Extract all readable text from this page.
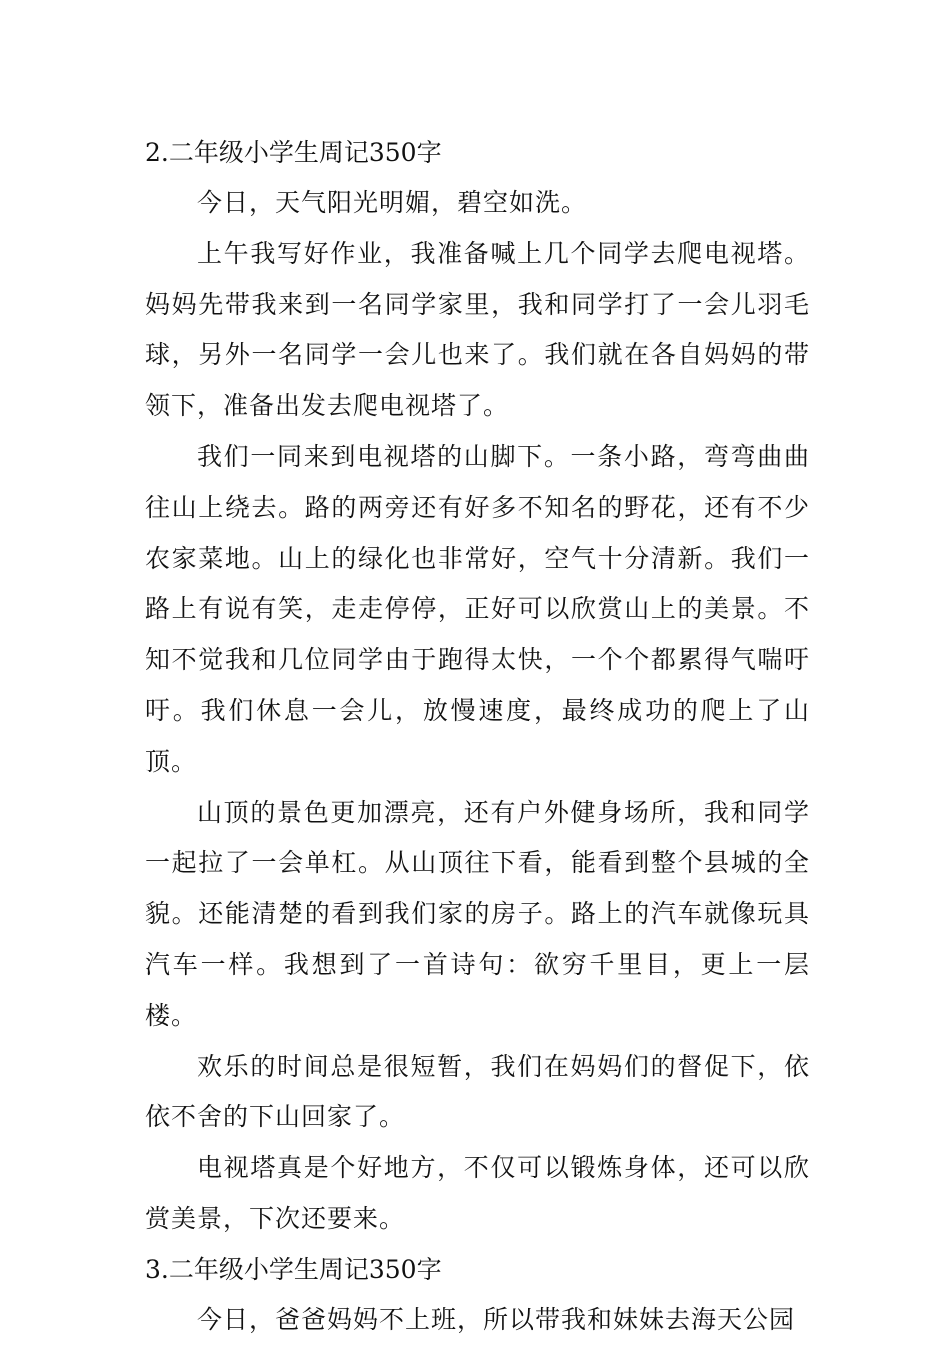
2.二年级小学生周记350字

今日，天气阳光明媚，碧空如洗。

上午我写好作业，我准备喊上几个同学去爬电视塔。妈妈先带我来到一名同学家里，我和同学打了一会儿羽毛球，另外一名同学一会儿也来了。我们就在各自妈妈的带领下，准备出发去爬电视塔了。

我们一同来到电视塔的山脚下。一条小路，弯弯曲曲往山上绕去。路的两旁还有好多不知名的野花，还有不少农家菜地。山上的绿化也非常好，空气十分清新。我们一路上有说有笑，走走停停，正好可以欣赏山上的美景。不知不觉我和几位同学由于跑得太快，一个个都累得气喘吁吁。我们休息一会儿，放慢速度，最终成功的爬上了山顶。

山顶的景色更加漂亮，还有户外健身场所，我和同学一起拉了一会单杠。从山顶往下看，能看到整个县城的全貌。还能清楚的看到我们家的房子。路上的汽车就像玩具汽车一样。我想到了一首诗句：欲穷千里目，更上一层楼。

欢乐的时间总是很短暂，我们在妈妈们的督促下，依依不舍的下山回家了。

电视塔真是个好地方，不仅可以锻炼身体，还可以欣赏美景，下次还要来。

3.二年级小学生周记350字

今日，爸爸妈妈不上班，所以带我和妹妹去海天公园
